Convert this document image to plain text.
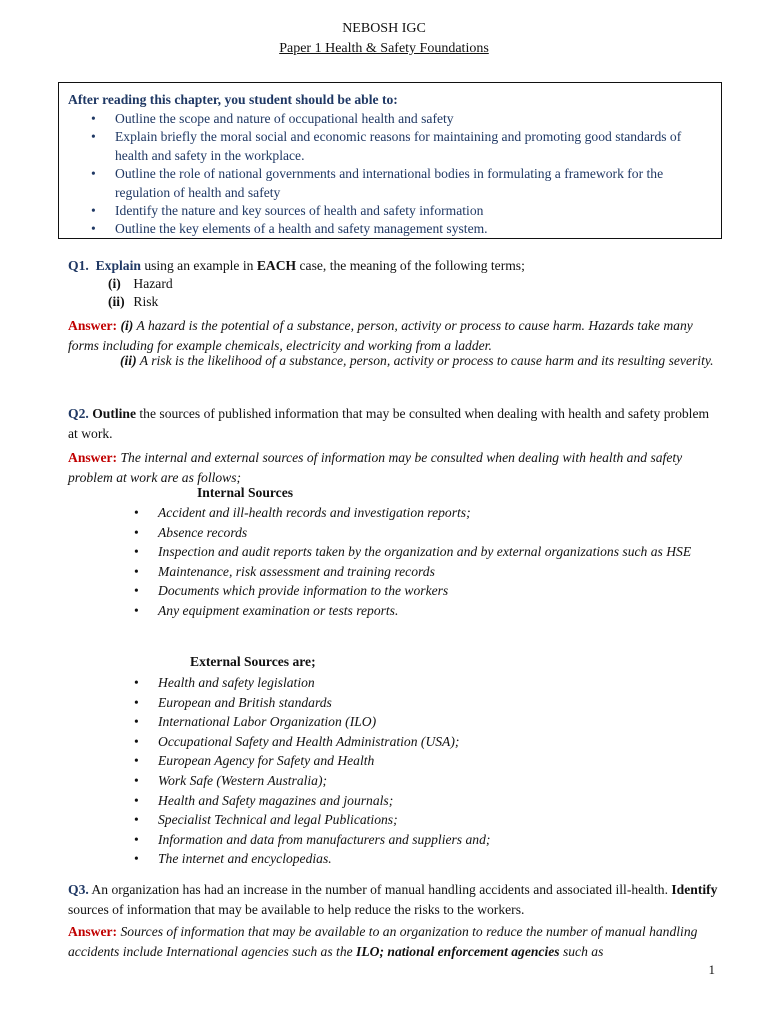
NEBOSH IGC
Paper 1 Health & Safety Foundations
After reading this chapter, you student should be able to:
• Outline the scope and nature of occupational health and safety
• Explain briefly the moral social and economic reasons for maintaining and promoting good standards of health and safety in the workplace.
• Outline the role of national governments and international bodies in formulating a framework for the regulation of health and safety
• Identify the nature and key sources of health and safety information
• Outline the key elements of a health and safety management system.
Q1. Explain using an example in EACH case, the meaning of the following terms;
(i) Hazard
(ii) Risk
Answer: (i) A hazard is the potential of a substance, person, activity or process to cause harm. Hazards take many forms including for example chemicals, electricity and working from a ladder.
(ii) A risk is the likelihood of a substance, person, activity or process to cause harm and its resulting severity.
Q2. Outline the sources of published information that may be consulted when dealing with health and safety problem at work.
Answer: The internal and external sources of information may be consulted when dealing with health and safety problem at work are as follows;
Internal Sources
• Accident and ill-health records and investigation reports;
• Absence records
• Inspection and audit reports taken by the organization and by external organizations such as HSE
• Maintenance, risk assessment and training records
• Documents which provide information to the workers
• Any equipment examination or tests reports.
External Sources are;
• Health and safety legislation
• European and British standards
• International Labor Organization (ILO)
• Occupational Safety and Health Administration (USA);
• European Agency for Safety and Health
• Work Safe (Western Australia);
• Health and Safety magazines and journals;
• Specialist Technical and legal Publications;
• Information and data from manufacturers and suppliers and;
• The internet and encyclopedias.
Q3. An organization has had an increase in the number of manual handling accidents and associated ill-health. Identify sources of information that may be available to help reduce the risks to the workers.
Answer: Sources of information that may be available to an organization to reduce the number of manual handling accidents include International agencies such as the ILO; national enforcement agencies such as
1
